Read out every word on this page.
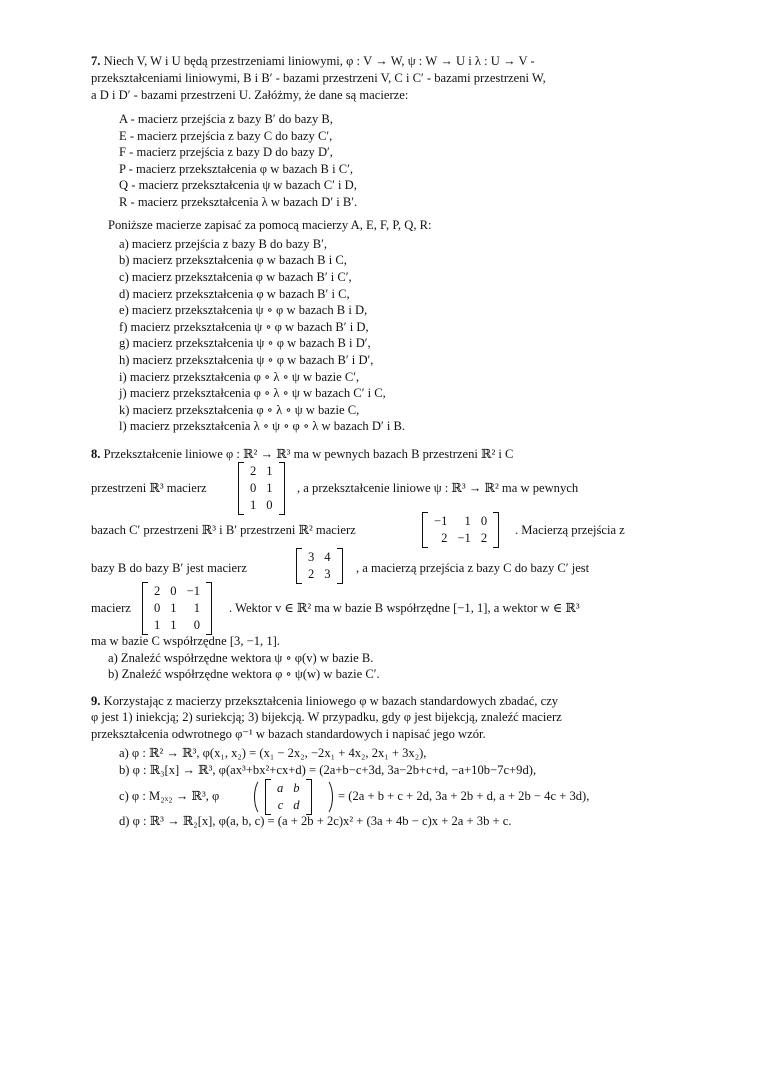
7. Niech V, W i U będą przestrzeniami liniowymi, φ : V → W, ψ : W → U i λ : U → V -
przekształceniami liniowymi, B i B′ - bazami przestrzeni V, C i C′ - bazami przestrzeni W,
a D i D′ - bazami przestrzeni U. Załóżmy, że dane są macierze:
A - macierz przejścia z bazy B′ do bazy B,
E - macierz przejścia z bazy C do bazy C′,
F - macierz przejścia z bazy D do bazy D′,
P - macierz przekształcenia φ w bazach B i C′,
Q - macierz przekształcenia ψ w bazach C′ i D,
R - macierz przekształcenia λ w bazach D′ i B′.
Poniższe macierze zapisać za pomocą macierzy A, E, F, P, Q, R:
a) macierz przejścia z bazy B do bazy B′,
b) macierz przekształcenia φ w bazach B i C,
c) macierz przekształcenia φ w bazach B′ i C′,
d) macierz przekształcenia φ w bazach B′ i C,
e) macierz przekształcenia ψ ∘ φ w bazach B i D,
f) macierz przekształcenia ψ ∘ φ w bazach B′ i D,
g) macierz przekształcenia ψ ∘ φ w bazach B i D′,
h) macierz przekształcenia ψ ∘ φ w bazach B′ i D′,
i) macierz przekształcenia φ ∘ λ ∘ ψ w bazie C′,
j) macierz przekształcenia φ ∘ λ ∘ ψ w bazach C′ i C,
k) macierz przekształcenia φ ∘ λ ∘ ψ w bazie C,
l) macierz przekształcenia λ ∘ ψ ∘ φ ∘ λ w bazach D′ i B.
8. Przekształcenie liniowe φ : ℝ² → ℝ³ ma w pewnych bazach B przestrzeni ℝ² i C
przestrzeni ℝ³ macierz
2	1
0	1
1	0
, a przekształcenie liniowe ψ : ℝ³ → ℝ² ma w pewnych
bazach C′ przestrzeni ℝ³ i B′ przestrzeni ℝ² macierz
−1	1	0
2	−1	2
. Macierzą przejścia z
bazy B do bazy B′ jest macierz
3	4
2	3 , a macierzą przejścia z bazy C do bazy C′ jest
macierz
2	0	−1
0	1	1
1	1	0
. Wektor v ∈ ℝ² ma w bazie B współrzędne [−1, 1], a wektor w ∈ ℝ³
ma w bazie C współrzędne [3, −1, 1].
a) Znaleźć współrzędne wektora ψ ∘ φ(v) w bazie B.
b) Znaleźć współrzędne wektora φ ∘ ψ(w) w bazie C′.
9. Korzystając z macierzy przekształcenia liniowego φ w bazach standardowych zbadać, czy
φ jest 1) iniekcją; 2) suriekcją; 3) bijekcją. W przypadku, gdy φ jest bijekcją, znaleźć macierz
przekształcenia odwrotnego φ⁻¹ w bazach standardowych i napisać jego wzór.
a) φ : ℝ² → ℝ³, φ(x₁, x₂) = (x₁ − 2x₂, −2x₁ + 4x₂, 2x₁ + 3x₂),
b) φ : ℝ₃[x] → ℝ³, φ(ax³+bx²+cx+d) = (2a+b−c+3d, 3a−2b+c+d, −a+10b−7c+9d),
c) φ : M₂ₓ₂ → ℝ³, φ
a	b
c	d
= (2a + b + c + 2d, 3a + 2b + d, a + 2b − 4c + 3d),
d) φ : ℝ³ → ℝ₂[x], φ(a, b, c) = (a + 2b + 2c)x² + (3a + 4b − c)x + 2a + 3b + c.
